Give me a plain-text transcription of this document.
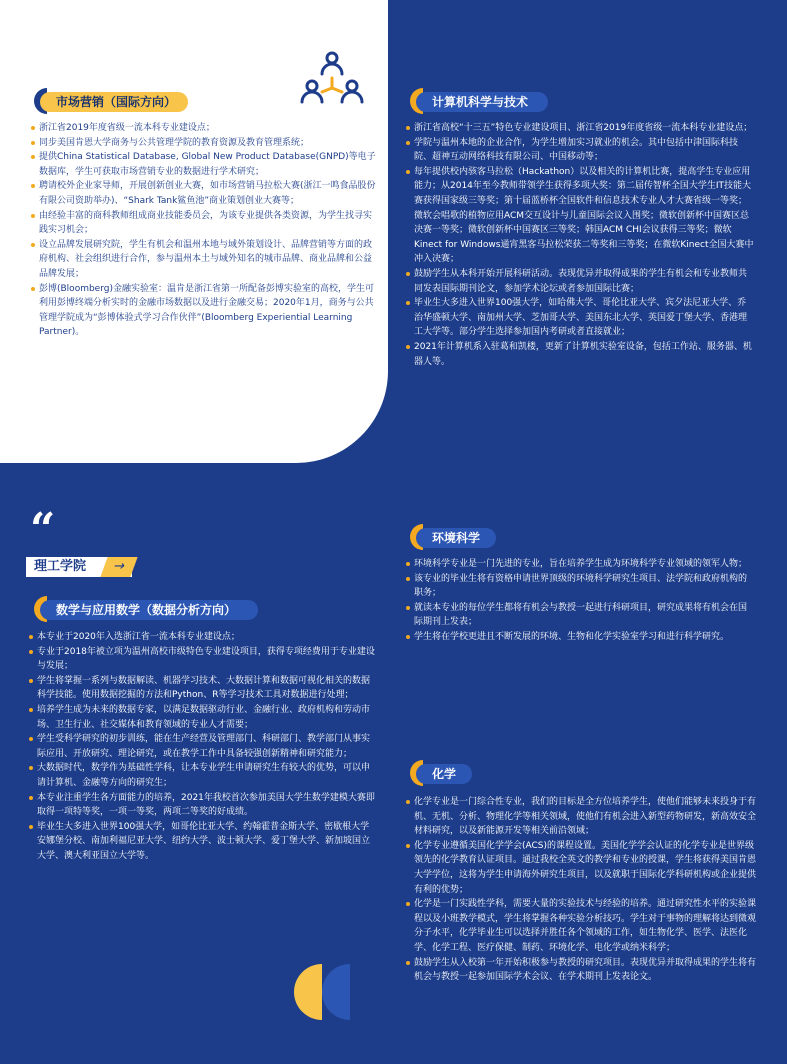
市场营销（国际方向）
浙江省2019年度省级一流本科专业建设点；
同步美国肯恩大学商务与公共管理学院的教育资源及教育管理系统；
提供China Statistical Database, Global New Product Database(GNPD)等电子数据库，学生可获取市场营销专业的数据进行学术研究；
聘请校外企业家导师，开展创新创业大赛，如市场营销马拉松大赛(浙江一鸣食品股份有限公司资助举办)、“Shark Tank鲨鱼池”商业策划创业大赛等；
由经验丰富的商科教师组成商业技能委员会，为该专业提供各类资源，为学生找寻实践实习机会；
设立品牌发展研究院，学生有机会和温州本地与域外策划设计、品牌营销等方面的政府机构、社会组织进行合作，参与温州本土与域外知名的城市品牌、商业品牌和公益品牌发展；
彭博(Bloomberg)金融实验室：温肯是浙江省第一所配备彭博实验室的高校，学生可利用彭博终端分析实时的金融市场数据以及进行金融交易；2020年1月，商务与公共管理学院成为“彭博体验式学习合作伙伴”(Bloomberg Experiential Learning Partner)。
计算机科学与技术
浙江省高校“十三五”特色专业建设项目、浙江省2019年度省级一流本科专业建设点；
学院与温州本地的企业合作，为学生增加实习就业的机会。其中包括中津国际科技院、超神互动网络科技有限公司、中国移动等；
每年提供校内骇客马拉松（Hackathon）以及相关的计算机比赛，提高学生专业应用能力；从2014年至今教师带领学生获得多项大奖：第二届传智杯全国大学生IT技能大赛获得国家级三等奖；第十届蓝桥杯全国软件和信息技术专业人才大赛省级一等奖；微软会唱歌的植物应用ACM交互设计与儿童国际会议入围奖；微软创新杯中国赛区总决赛一等奖；微软创新杯中国赛区三等奖；韩国ACM CHI会议获得三等奖；微软Kinect for Windows通宵黑客马拉松荣获二等奖和三等奖；在微软Kinect全国大赛中冲入决赛；
鼓励学生从本科开始开展科研活动。表现优异并取得成果的学生有机会和专业教师共同发表国际期刊论文，参加学术论坛或者参加国际比赛；
毕业生大多进入世界100强大学，如哈佛大学、哥伦比亚大学、宾夕法尼亚大学、乔治华盛顿大学、南加州大学、芝加哥大学、美国东北大学、英国爱丁堡大学、香港理工大学等。部分学生选择参加国内考研或者直接就业；
2021年计算机系入驻葛和凯楼，更新了计算机实验室设备，包括工作站、服务器、机器人等。
“
理工学院	→
数学与应用数学（数据分析方向）
本专业于2020年入选浙江省一流本科专业建设点；
专业于2018年被立项为温州高校市级特色专业建设项目，获得专项经费用于专业建设与发展；
学生将掌握一系列与数据解读、机器学习技术、大数据计算和数据可视化相关的数据科学技能。使用数据挖掘的方法和Python、R等学习技术工具对数据进行处理；
培养学生成为未来的数据专家，以满足数据驱动行业、金融行业、政府机构和劳动市场、卫生行业、社交媒体和教育领域的专业人才需要；
学生受科学研究的初步训练，能在生产经营及管理部门、科研部门、教学部门从事实际应用、开放研究、理论研究，或在教学工作中具备较强创新精神和研究能力；
大数据时代，数学作为基础性学科，让本专业学生申请研究生有较大的优势，可以申请计算机、金融等方向的研究生；
本专业注重学生各方面能力的培养，2021年我校首次参加美国大学生数学建模大赛即取得一项特等奖，一项一等奖，两项二等奖的好成绩。
毕业生大多进入世界100强大学，如哥伦比亚大学、约翰霍普金斯大学、密歇根大学安娜堡分校、南加利福尼亚大学、纽约大学、波士顿大学、爱丁堡大学、新加坡国立大学、澳大利亚国立大学等。
环境科学
环境科学专业是一门先进的专业，旨在培养学生成为环境科学专业领域的领军人物；
该专业的毕业生将有资格申请世界顶级的环境科学研究生项目、法学院和政府机构的职务；
就读本专业的每位学生都将有机会与教授一起进行科研项目，研究成果将有机会在国际期刊上发表；
学生将在学校更进且不断发展的环境、生物和化学实验室学习和进行科学研究。
化学
化学专业是一门综合性专业，我们的目标是全方位培养学生，使他们能够未来投身于有机、无机、分析、物理化学等相关领域，使他们有机会进入新型药物研发，新高效安全材料研究，以及新能源开发等相关前沿领域；
化学专业遵循美国化学学会(ACS)的课程设置。美国化学学会认证的化学专业是世界级领先的化学教育认证项目。通过我校全英文的教学和专业的授课，学生将获得美国肯恩大学学位，这将为学生申请海外研究生项目，以及就职于国际化学科研机构或企业提供有利的优势；
化学是一门实践性学科，需要大量的实验技术与经验的培养。通过研究性水平的实验课程以及小班教学模式，学生将掌握各种实验分析技巧。学生对于事物的理解将达到微观分子水平，化学毕业生可以选择并胜任各个领域的工作，如生物化学、医学、法医化学、化学工程、医疗保健、制药、环境化学、电化学或纳米科学；
鼓励学生从入校第一年开始积极参与教授的研究项目。表现优异并取得成果的学生将有机会与教授一起参加国际学术会议、在学术期刊上发表论文。
